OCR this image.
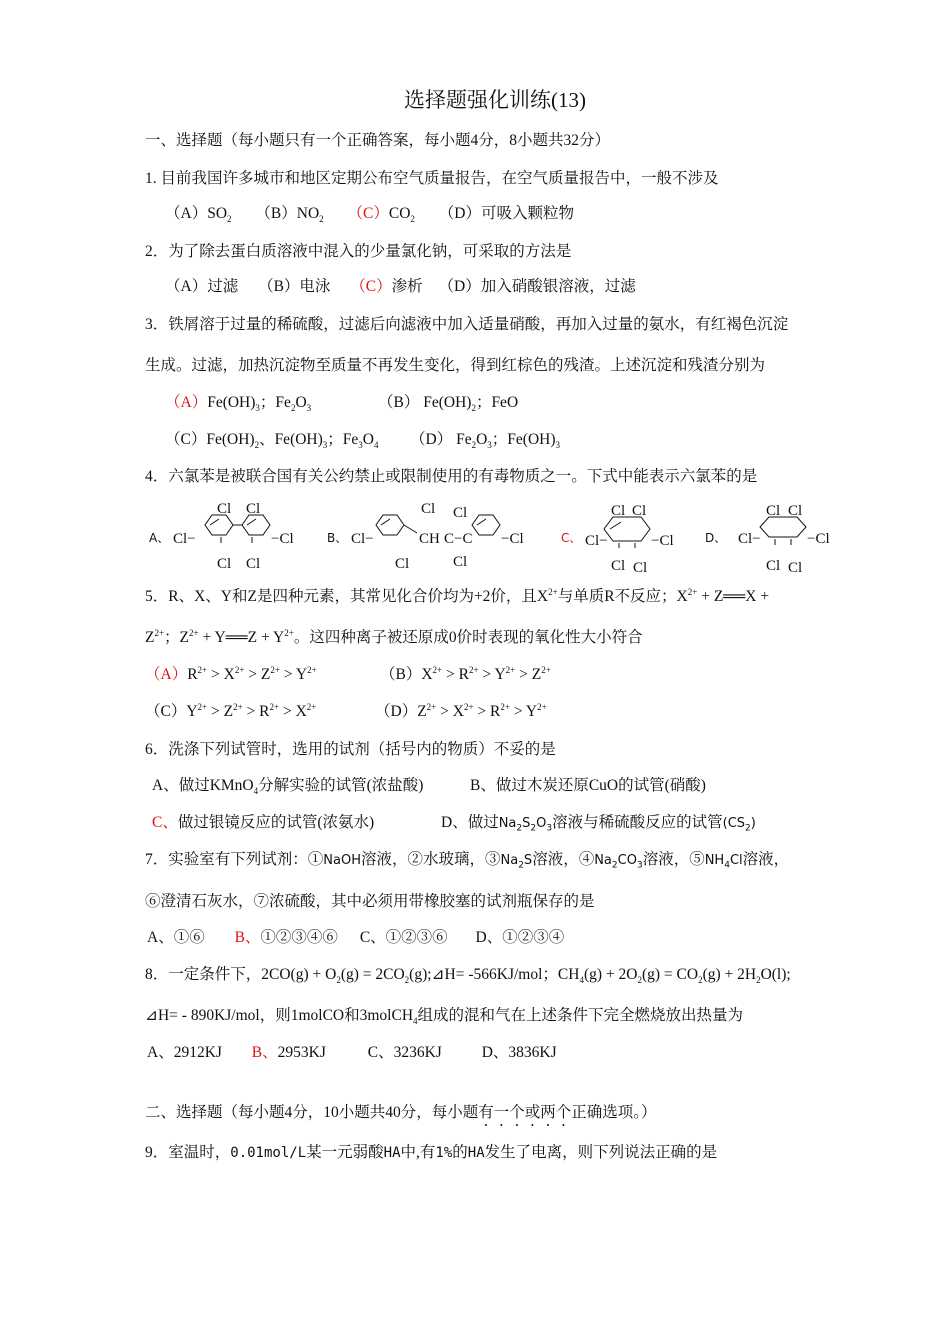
选择题强化训练(13)
一、选择题（每小题只有一个正确答案，每小题4分，8小题共32分）
1. 目前我国许多城市和地区定期公布空气质量报告，在空气质量报告中，一般不涉及
$(A)SO_2$ $(B)NO_2$ $(C)CO_2$ （D）可吸入颗粒物
2．为了除去蛋白质溶液中混入的少量氯化钠，可采取的方法是
（A）过滤 （B）电泳 （C）渗析 （D）加入硝酸银溶液，过滤
3．铁屑溶于过量的稀硫酸，过滤后向滤液中加入适量硝酸，再加入过量的氨水，有红褐色沉淀
生成。过滤，加热沉淀物至质量不再发生变化，得到红棕色的残渣。上述沉淀和残渣分别为
$(A)Fe(OH)_3$；$Fe_2O_3$	（B） $Fe(OH)_2$；FeO
$(C)Fe(OH)_2$、$Fe(OH)_3$；$Fe_3O_4$ （D） $Fe_2O_3$；$Fe(OH)_3$
4．六氯苯是被联合国有关公约禁止或限制使用的有毒物质之一。下式中能表示六氯苯的是
A、 Cl−
Cl Cl
−Cl
Cl Cl
B、 Cl−	CH C−C
Cl Cl
−Cl
Cl	Cl
C、 Cl−
Cl Cl
−Cl
Cl Cl
D、 Cl−
Cl Cl
−Cl
Cl Cl
5．R、X、Y和Z是四种元素，其常见化合价均为+2价，且$X^{2+}$与单质R不反应；$X^{2+}$ + Z══X +
$Z^{2+}$；$Z^{2+}$ + Y══Z + $Y^{2+}$。这四种离子被还原成0价时表现的氧化性大小符合
$(A)R^{2+} > X^{2+} > Z^{2+} > Y^{2+}$	$(B)X^{2+} > R^{2+} > Y^{2+} > Z^{2+}$
$(C)Y^{2+} > Z^{2+} > R^{2+} > X^{2+}$	$(D)Z^{2+} > X^{2+} > R^{2+} > Y^{2+}$
6．洗涤下列试管时，选用的试剂（括号内的物质）不妥的是
A、做过KMnO$_4$分解实验的试管(浓盐酸)	B、做过木炭还原CuO的试管(硝酸)
C、做过银镜反应的试管(浓氨水)	D、做过$Na_2S_2O_3$溶液与稀硫酸反应的试管$(CS_2)$
7．实验室有下列试剂：①NaOH溶液，②水玻璃，$③Na_2S$溶液，$④Na_2CO_3$溶液，$⑤NH_4Cl$溶液，
⑥澄清石灰水，⑦浓硫酸，其中必须用带橡胶塞的试剂瓶保存的是
A、①⑥ B、①②③④⑥ C、①②③⑥ D、①②③④
8．一定条件下，$2CO(g) + O_2(g)$ = $2CO_2(g);⊿H= -566KJ/mol$；$CH_4(g) + 2O_2(g) = CO_2(g) + 2H_2O(l)$;
⊿H= - 890KJ/mol，则1molCO和3molCH$_4$组成的混和气在上述条件下完全燃烧放出热量为
A、2912KJ B、2953KJ	C、3236KJ	D、3836KJ
二、选择题（每小题4分，10小题共40分，每小题有一个或两个正确选项。）
9．室温时，0.01mol/L某一元弱酸HA中,有1%的HA发生了电离，则下列说法正确的是
